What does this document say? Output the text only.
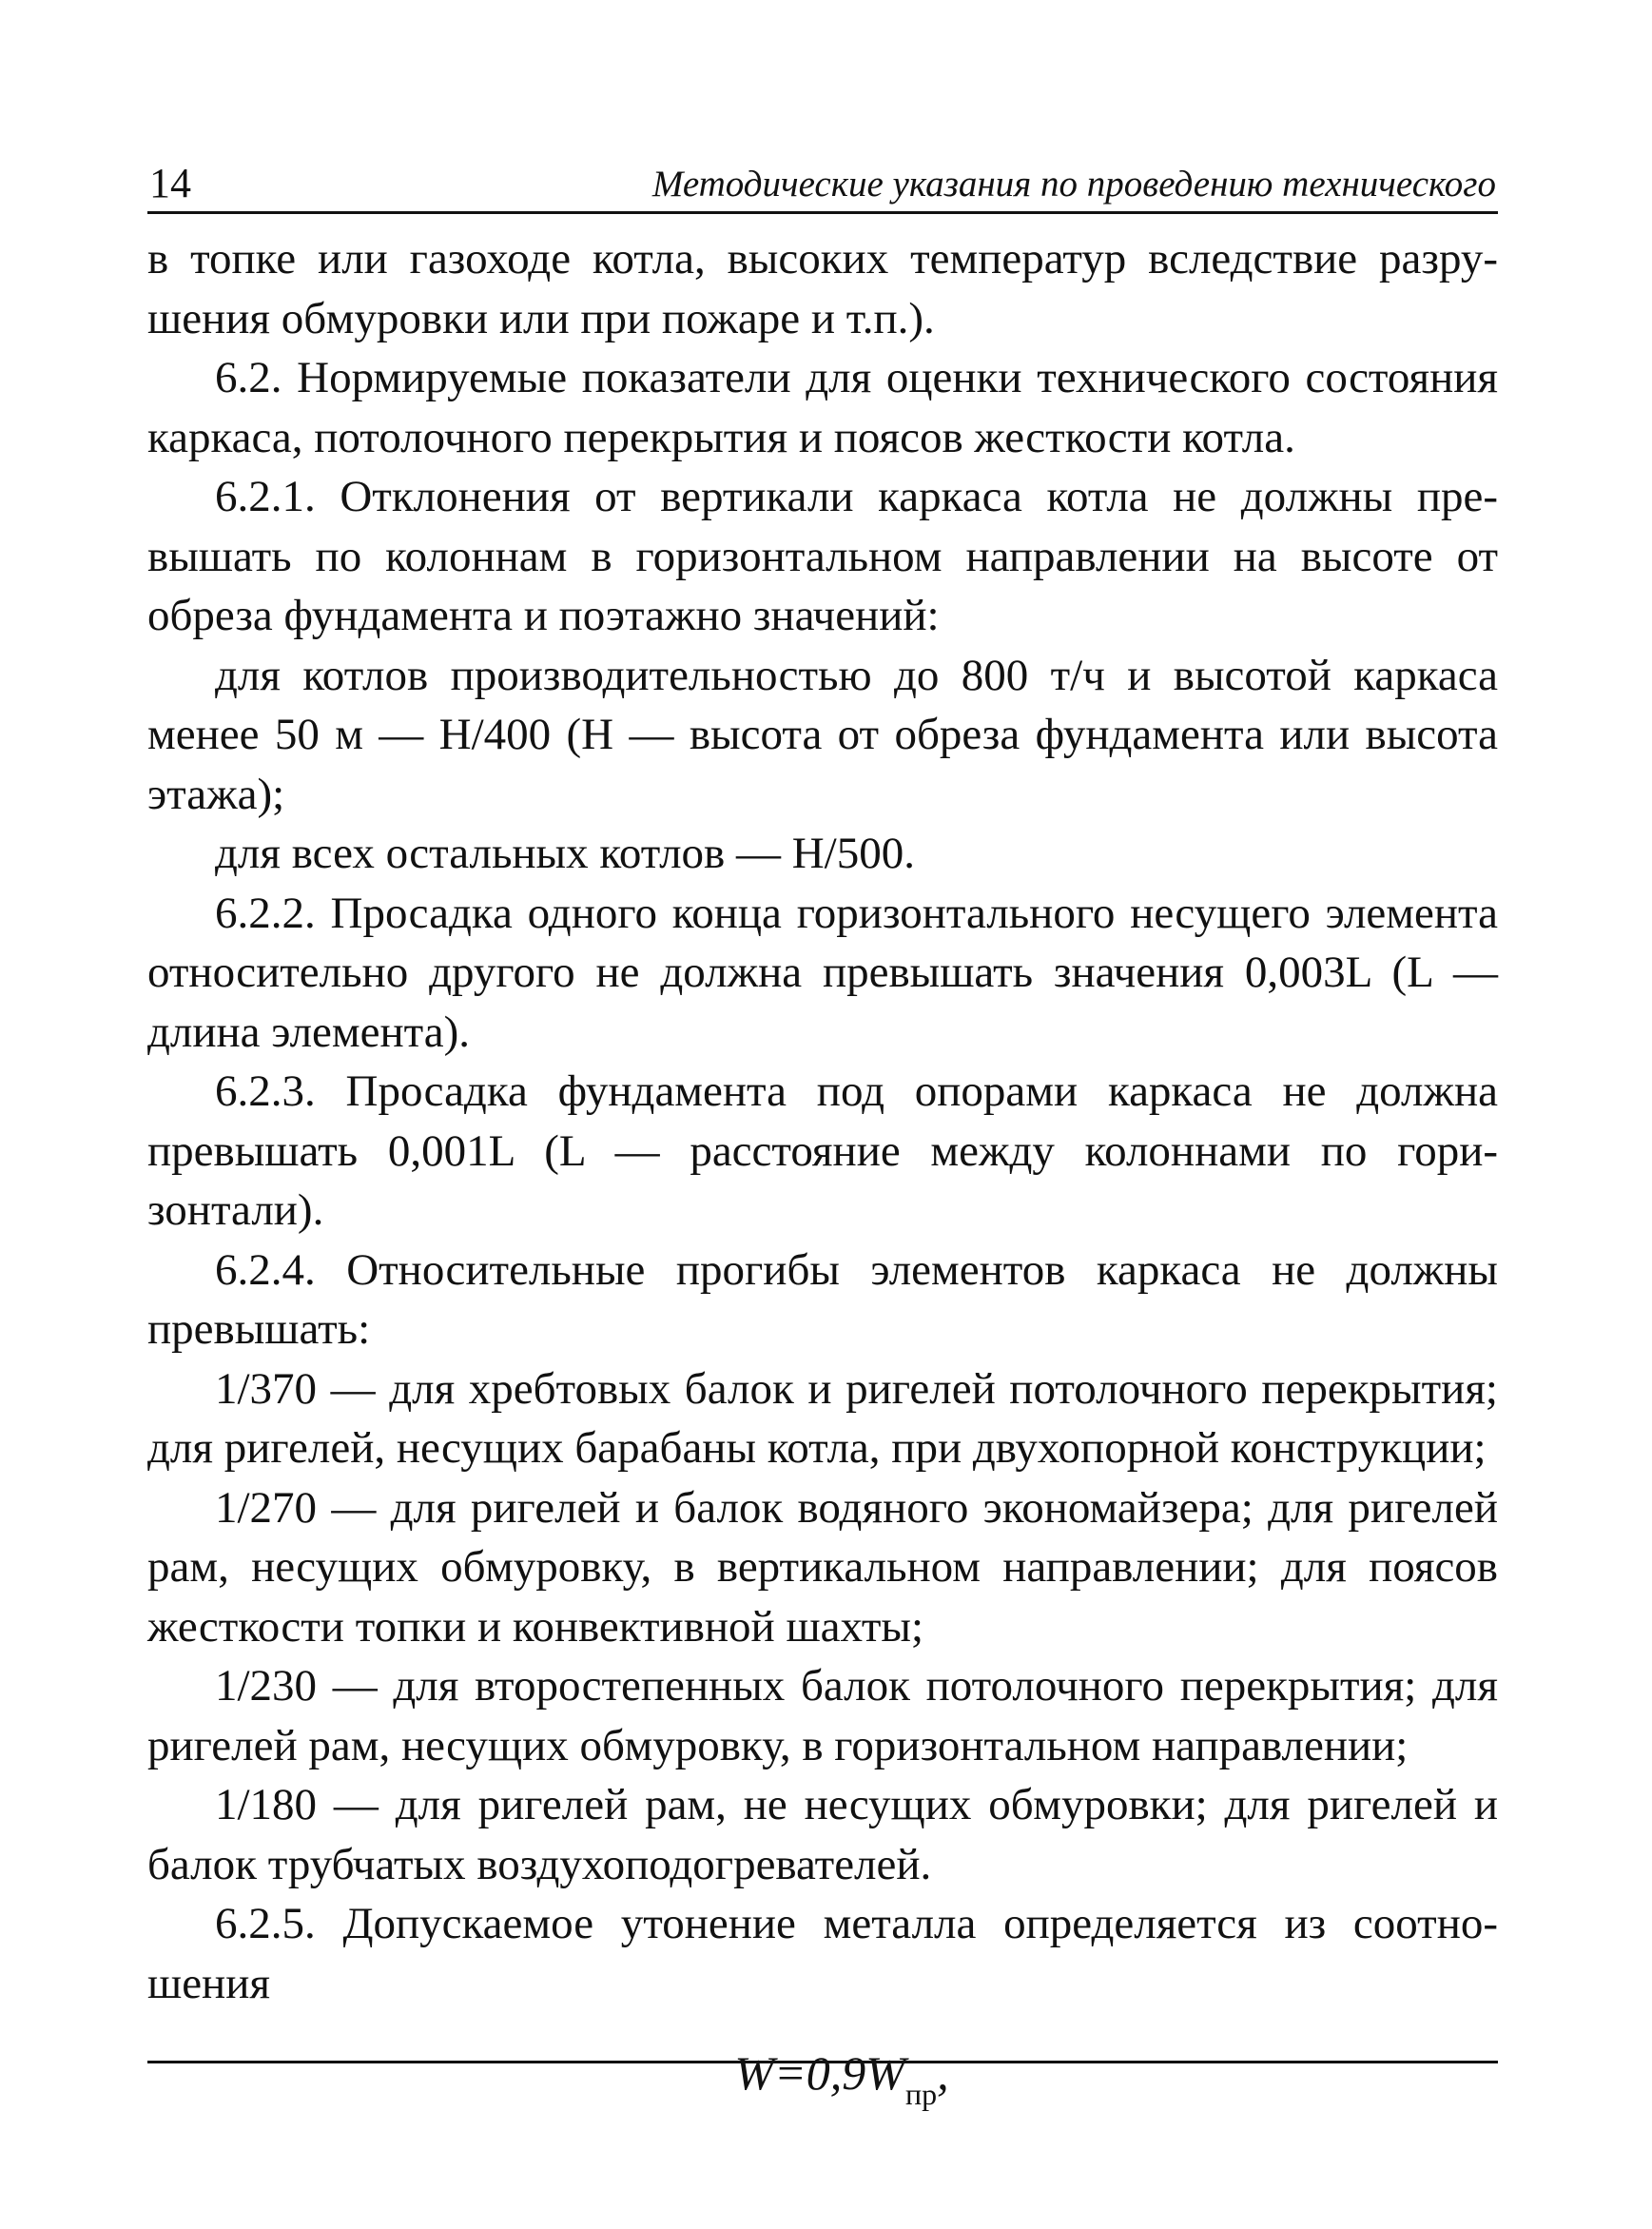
14	Методические указания по проведению технического

в топке или газоходе котла, высоких температур вследствие разрушения обмуровки или при пожаре и т.п.).

6.2. Нормируемые показатели для оценки технического состояния каркаса, потолочного перекрытия и поясов жесткости котла.

6.2.1. Отклонения от вертикали каркаса котла не должны превышать по колоннам в горизонтальном направлении на высоте от обреза фундамента и поэтажно значений:

для котлов производительностью до 800 т/ч и высотой каркаса менее 50 м — H/400 (H — высота от обреза фундамента или высота этажа);

для всех остальных котлов — H/500.

6.2.2. Просадка одного конца горизонтального несущего элемента относительно другого не должна превышать значения 0,003L (L — длина элемента).

6.2.3. Просадка фундамента под опорами каркаса не должна превышать 0,001L (L — расстояние между колоннами по горизонтали).

6.2.4. Относительные прогибы элементов каркаса не должны превышать:

1/370 — для хребтовых балок и ригелей потолочного перекрытия; для ригелей, несущих барабаны котла, при двухопорной конструкции;

1/270 — для ригелей и балок водяного экономайзера; для ригелей рам, несущих обмуровку, в вертикальном направлении; для поясов жесткости топки и конвективной шахты;

1/230 — для второстепенных балок потолочного перекрытия; для ригелей рам, несущих обмуровку, в горизонтальном направлении;

1/180 — для ригелей рам, не несущих обмуровки; для ригелей и балок трубчатых воздухоподогревателей.

6.2.5. Допускаемое утонение металла определяется из соотношения

$W=0,9W_{пр}$,
